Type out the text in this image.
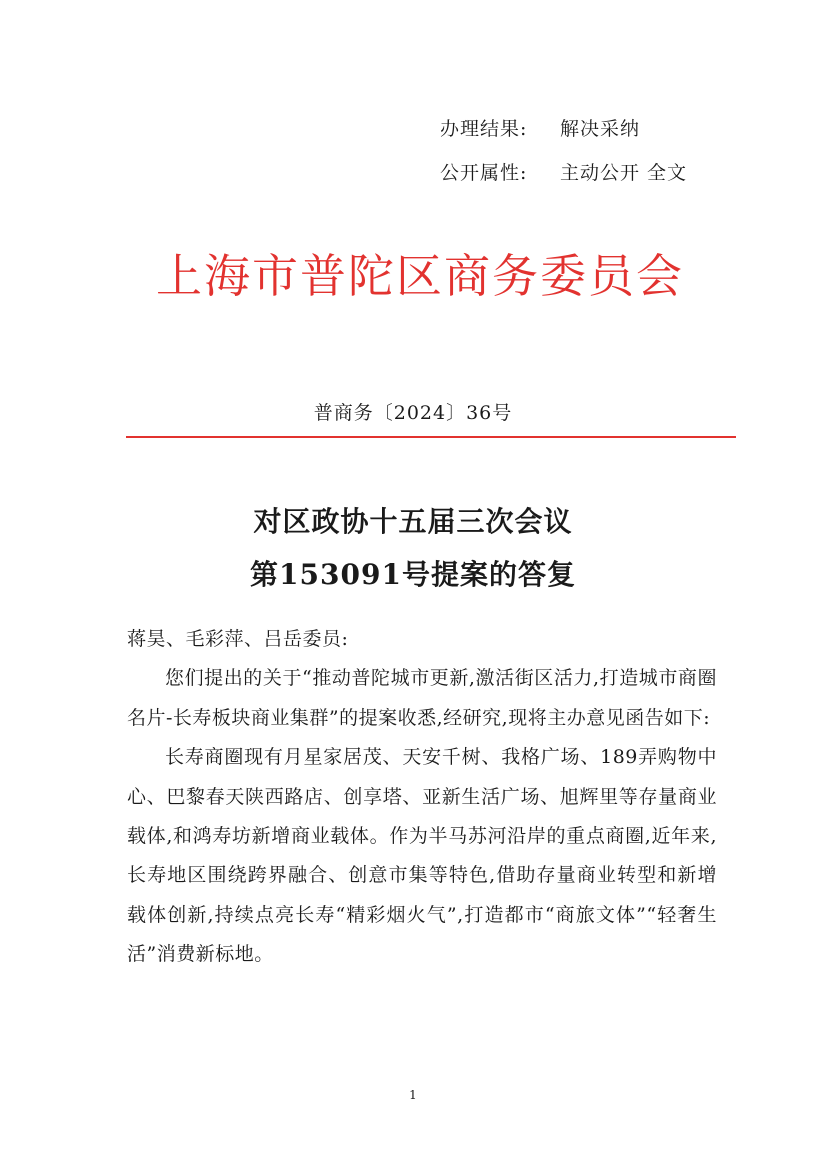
办理结果: 解决采纳
公开属性: 主动公开 全文
上海市普陀区商务委员会
普商务〔2024〕36号
对区政协十五届三次会议
第153091号提案的答复

蒋昊、毛彩萍、吕岳委员:

您们提出的关于“推动普陀城市更新,激活街区活力,打造城市商圈名片-长寿板块商业集群”的提案收悉,经研究,现将主办意见函告如下:

长寿商圈现有月星家居茂、天安千树、我格广场、189弄购物中心、巴黎春天陕西路店、创享塔、亚新生活广场、旭辉里等存量商业载体,和鸿寿坊新增商业载体。作为半马苏河沿岸的重点商圈,近年来,长寿地区围绕跨界融合、创意市集等特色,借助存量商业转型和新增载体创新,持续点亮长寿“精彩烟火气”,打造都市“商旅文体”“轻奢生活”消费新标地。

1
